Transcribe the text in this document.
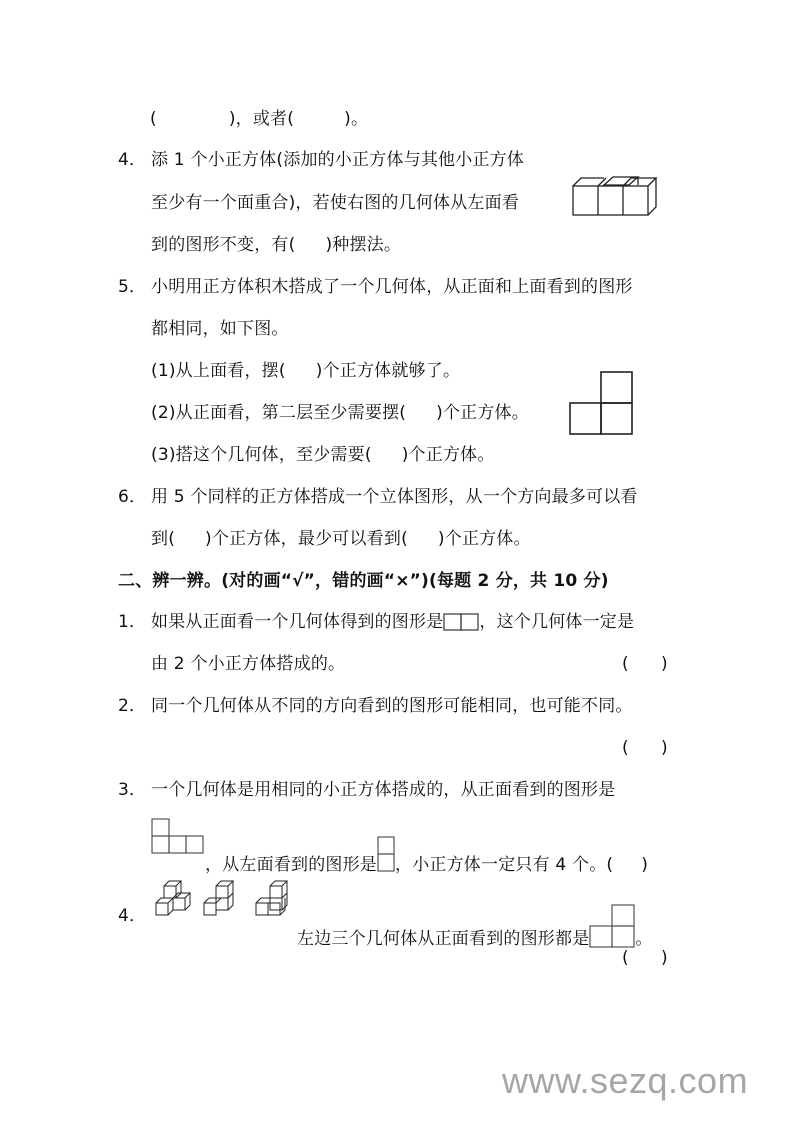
(	)，或者(	)。
4． 添 1 个小正方体(添加的小正方体与其他小正方体
至少有一个面重合)，若使右图的几何体从左面看
到的图形不变，有( )种摆法。
5． 小明用正方体积木搭成了一个几何体，从正面和上面看到的图形
都相同，如下图。
(1)从上面看，摆( )个正方体就够了。
(2)从正面看，第二层至少需要摆( )个正方体。
(3)搭这个几何体，至少需要( )个正方体。
6． 用 5 个同样的正方体搭成一个立体图形，从一个方向最多可以看
到( )个正方体，最少可以看到( )个正方体。
二、辨一辨。(对的画“√”，错的画“×”)(每题 2 分，共 10 分)
1． 如果从正面看一个几何体得到的图形是 ，这个几何体一定是
由 2 个小正方体搭成的。	(      )
2． 同一个几何体从不同的方向看到的图形可能相同，也可能不同。
(      )
3． 一个几何体是用相同的小正方体搭成的，从正面看到的图形是
，从左面看到的图形是 ，小正方体一定只有 4 个。( )
4．
左边三个几何体从正面看到的图形都是	。
(      )
www.sezq.com
